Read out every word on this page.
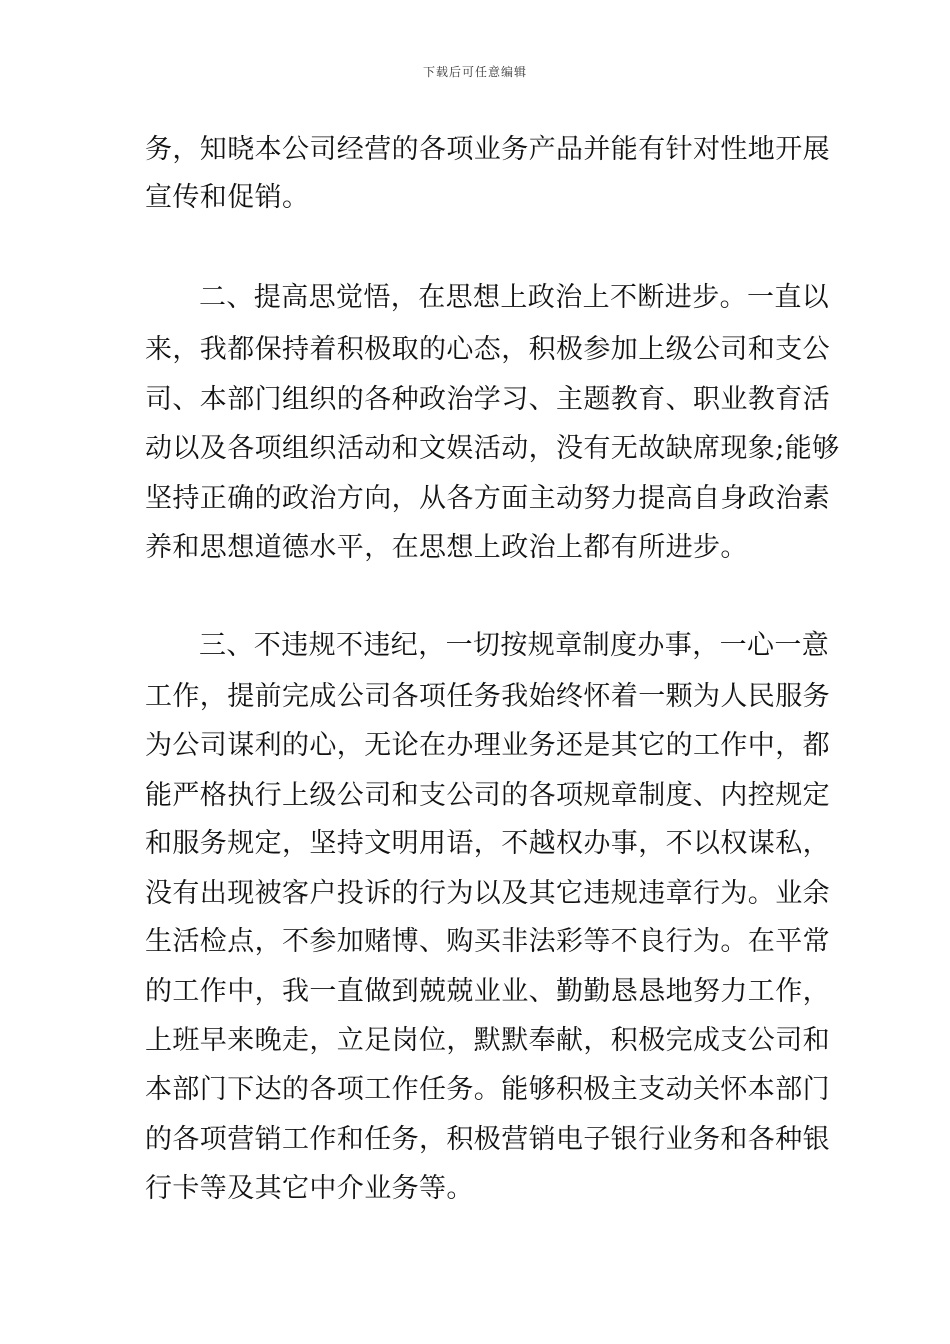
下载后可任意编辑
务，知晓本公司经营的各项业务产品并能有针对性地开展
宣传和促销。
二、提高思觉悟，在思想上政治上不断进步。一直以
来，我都保持着积极取的心态，积极参加上级公司和支公
司、本部门组织的各种政治学习、主题教育、职业教育活
动以及各项组织活动和文娱活动，没有无故缺席现象;能够
坚持正确的政治方向，从各方面主动努力提高自身政治素
养和思想道德水平，在思想上政治上都有所进步。
三、不违规不违纪，一切按规章制度办事，一心一意
工作，提前完成公司各项任务我始终怀着一颗为人民服务
为公司谋利的心，无论在办理业务还是其它的工作中，都
能严格执行上级公司和支公司的各项规章制度、内控规定
和服务规定，坚持文明用语，不越权办事，不以权谋私，
没有出现被客户投诉的行为以及其它违规违章行为。业余
生活检点，不参加赌博、购买非法彩等不良行为。在平常
的工作中，我一直做到兢兢业业、勤勤恳恳地努力工作，
上班早来晚走，立足岗位，默默奉献，积极完成支公司和
本部门下达的各项工作任务。能够积极主支动关怀本部门
的各项营销工作和任务，积极营销电子银行业务和各种银
行卡等及其它中介业务等。
